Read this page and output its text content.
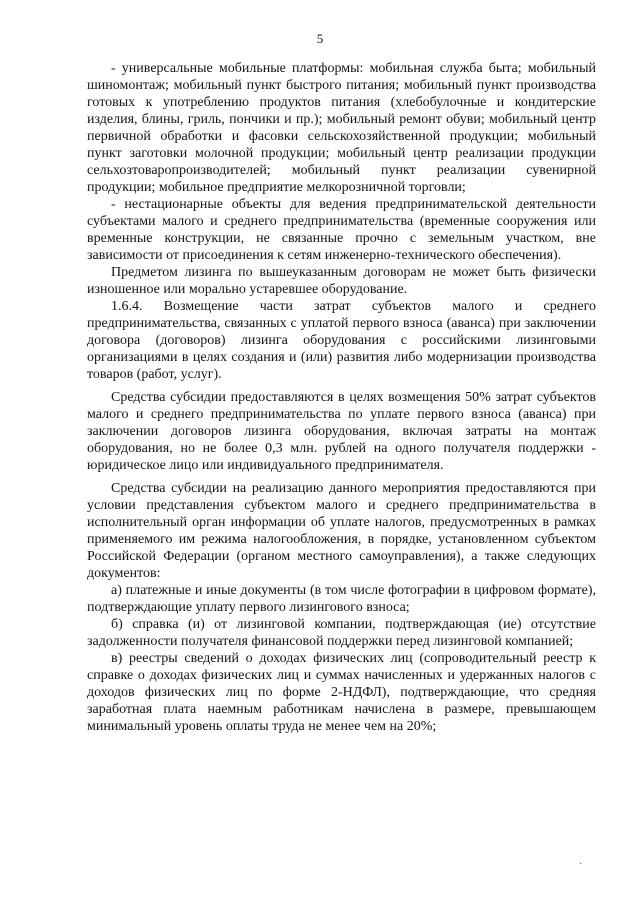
5

- универсальные мобильные платформы: мобильная служба быта; мобильный шиномонтаж; мобильный пункт быстрого питания; мобильный пункт производства готовых к употреблению продуктов питания (хлебобулочные и кондитерские изделия, блины, гриль, пончики и пр.); мобильный ремонт обуви; мобильный центр первичной обработки и фасовки сельскохозяйственной продукции; мобильный пункт заготовки молочной продукции; мобильный центр реализации продукции сельхозтоваропроизводителей; мобильный пункт реализации сувенирной продукции; мобильное предприятие мелкорозничной торговли;

- нестационарные объекты для ведения предпринимательской деятельности субъектами малого и среднего предпринимательства (временные сооружения или временные конструкции, не связанные прочно с земельным участком, вне зависимости от присоединения к сетям инженерно-технического обеспечения).

Предметом лизинга по вышеуказанным договорам не может быть физически изношенное или морально устаревшее оборудование.

1.6.4. Возмещение части затрат субъектов малого и среднего предпринимательства, связанных с уплатой первого взноса (аванса) при заключении договора (договоров) лизинга оборудования с российскими лизинговыми организациями в целях создания и (или) развития либо модернизации производства товаров (работ, услуг).

Средства субсидии предоставляются в целях возмещения 50% затрат субъектов малого и среднего предпринимательства по уплате первого взноса (аванса) при заключении договоров лизинга оборудования, включая затраты на монтаж оборудования, но не более 0,3 млн. рублей на одного получателя поддержки - юридическое лицо или индивидуального предпринимателя.

Средства субсидии на реализацию данного мероприятия предоставляются при условии представления субъектом малого и среднего предпринимательства в исполнительный орган информации об уплате налогов, предусмотренных в рамках применяемого им режима налогообложения, в порядке, установленном субъектом Российской Федерации (органом местного самоуправления), а также следующих документов:

а) платежные и иные документы (в том числе фотографии в цифровом формате), подтверждающие уплату первого лизингового взноса;

б) справка (и) от лизинговой компании, подтверждающая (ие) отсутствие задолженности получателя финансовой поддержки перед лизинговой компанией;

в) реестры сведений о доходах физических лиц (сопроводительный реестр к справке о доходах физических лиц и суммах начисленных и удержанных налогов с доходов физических лиц по форме 2-НДФЛ), подтверждающие, что средняя заработная плата наемным работникам начислена в размере, превышающем минимальный уровень оплаты труда не менее чем на 20%;

.
